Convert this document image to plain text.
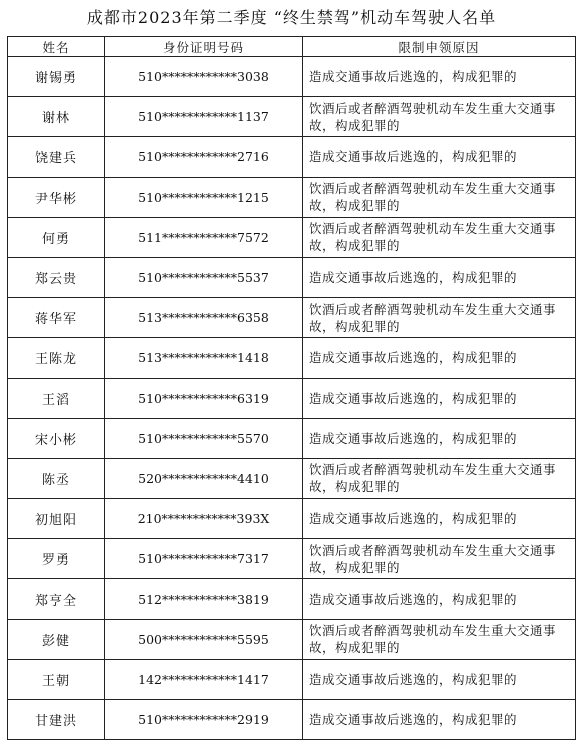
成都市2023年第二季度 “终生禁驾”机动车驾驶人名单
姓名	身份证明号码	限制申领原因
谢锡勇	510************3038	造成交通事故后逃逸的，构成犯罪的
谢林	510************1137	饮酒后或者醉酒驾驶机动车发生重大交通事故，构成犯罪的
饶建兵	510************2716	造成交通事故后逃逸的，构成犯罪的
尹华彬	510************1215	饮酒后或者醉酒驾驶机动车发生重大交通事故，构成犯罪的
何勇	511************7572	饮酒后或者醉酒驾驶机动车发生重大交通事故，构成犯罪的
郑云贵	510************5537	造成交通事故后逃逸的，构成犯罪的
蒋华军	513************6358	饮酒后或者醉酒驾驶机动车发生重大交通事故，构成犯罪的
王陈龙	513************1418	造成交通事故后逃逸的，构成犯罪的
王滔	510************6319	造成交通事故后逃逸的，构成犯罪的
宋小彬	510************5570	造成交通事故后逃逸的，构成犯罪的
陈丞	520************4410	饮酒后或者醉酒驾驶机动车发生重大交通事故，构成犯罪的
初旭阳	210************393X	造成交通事故后逃逸的，构成犯罪的
罗勇	510************7317	饮酒后或者醉酒驾驶机动车发生重大交通事故，构成犯罪的
郑亨全	512************3819	造成交通事故后逃逸的，构成犯罪的
彭健	500************5595	饮酒后或者醉酒驾驶机动车发生重大交通事故，构成犯罪的
王朝	142************1417	造成交通事故后逃逸的，构成犯罪的
甘建洪	510************2919	造成交通事故后逃逸的，构成犯罪的
